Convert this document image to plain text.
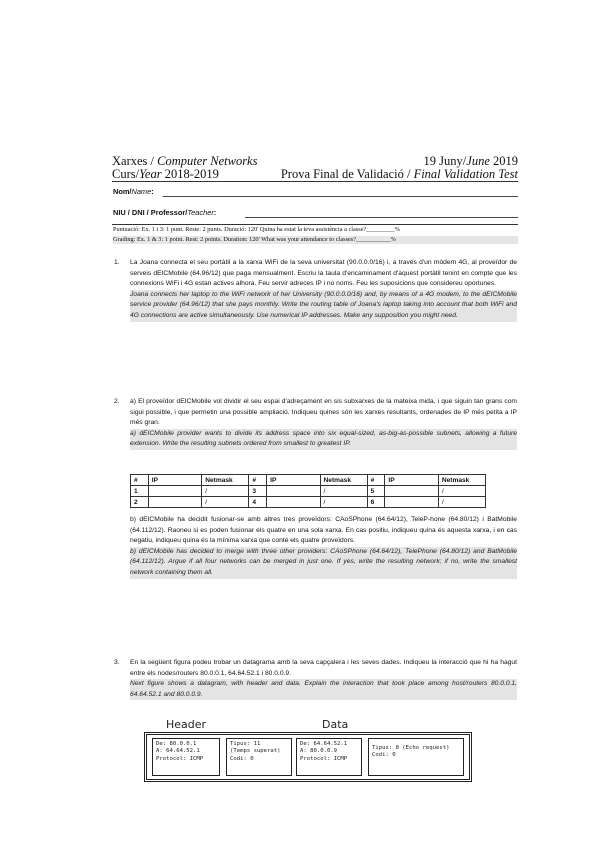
Xarxes / Computer Networks
Curs/Year 2018-2019
19 Juny/June 2019
Prova Final de Validació / Final Validation Test
Nom/Name:
NIU / DNI / Professor/Teacher:
Puntuació: Ex. 1 i 3: 1 punt. Reste: 2 punts. Duració: 120' Quina ha estat la teva assistència a classe?_________%
Grading: Ex. 1 & 3: 1 point. Rest: 2 points. Duration: 120' What was your attendance to classes?___________%
1. La Joana connecta el seu portàtil a la xarxa WiFi de la seva universitat (90.0.0.0/16) i, a través d'un mòdem 4G, al proveïdor de serveis dEICMobile (64.96/12) que paga mensualment. Escriu la taula d'encaminament d'aquest portàtil tenint en compte que les connexions WiFi i 4G estan actives alhora. Feu servir adreces IP i no noms. Feu les suposicions que considereu oportunes.
Joana connects her laptop to the WiFi network of her University (90.0.0.0/16) and, by means of a 4G modem, to the dEICMobile service provider (64.96/12) that she pays monthly. Write the routing table of Joana's laptop taking into account that both WiFi and 4G connections are active simultaneously. Use numerical IP addresses. Make any supposition you might need.
2. a) El proveïdor dEICMobile vol dividir el seu espai d'adreçament en sis subxarxes de la mateixa mida, i que siguin tan grans com sigui possible, i que permetin una possible ampliació. Indiqueu quines són les xarxes resultants, ordenades de IP més petita a IP més gran.
a) dEICMobile provider wants to divide its address space into six equal-sized, as-big-as-possible subnets, allowing a future extension. Write the resulting subnets ordered from smallest to greatest IP.
#	IP	Netmask	#	IP	Netmask	#	IP	Netmask
1		/	3		/	5		/
2		/	4		/	6		/
b) dEICMobile ha decidit fusionar-se amb altres tres proveïdors: CAoSPhone (64.64/12), TeleP-hone (64.80/12) i BatMobile (64.112/12). Raoneu si es poden fusionar els quatre en una sola xarxa. En cas positiu, indiqueu quina és aquesta xarxa, i en cas negatiu, indiqueu quina és la mínima xarxa que conté els quatre proveïdors.
b) dEICMobile has decided to merge with three other providers: CAoSPhone (64.64/12), TelePhone (64.80/12) and BatMobile (64.112/12). Argue if all four networks can be merged in just one. If yes, write the resulting network; if no, write the smallest network containing them all.
3. En la següent figura podeu trobar un datagrama amb la seva capçalera i les seves dades. Indiqueu la interacció que hi ha hagut entre els nodes/routers 80.0.0.1, 64.64.52.1 i 80.0.0.9.
Next figure shows a datagram, with header and data. Explain the interaction that took place among host/routers 80.0.0.1, 64.64.52.1 and 80.0.0.9.
Header	Data
De: 80.0.0.1
A: 64.64.52.1
Protocol: ICMP
Tipus: 11
(Temps superat)
Codi: 0
De: 64.64.52.1
A: 80.0.0.9
Protocol: ICMP
Tipus: 8 (Echo request)
Codi: 0
